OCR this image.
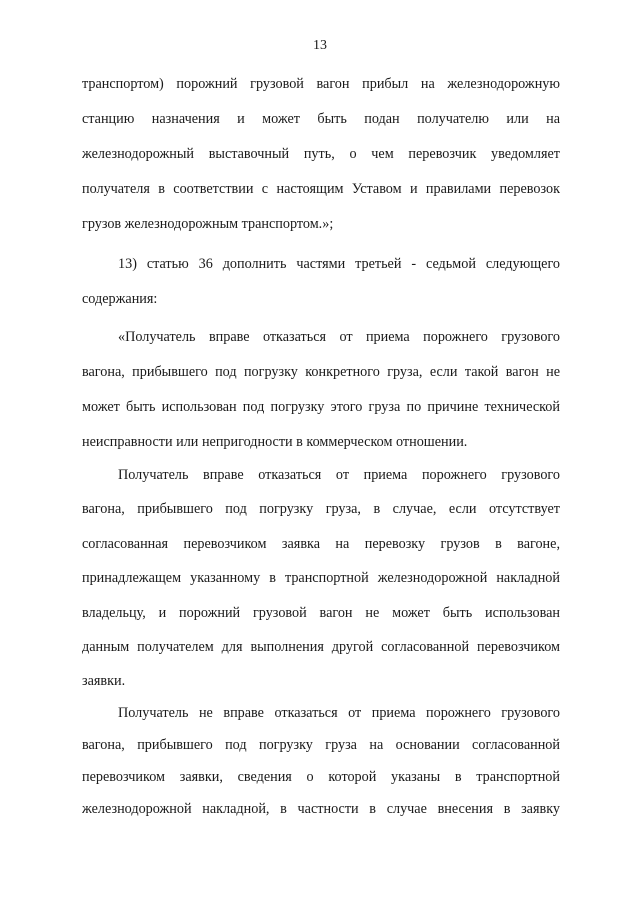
13
транспортом) порожний грузовой вагон прибыл на железнодорожную
станцию назначения и может быть подан получателю или на
железнодорожный выставочный путь, о чем перевозчик уведомляет
получателя в соответствии с настоящим Уставом и правилами перевозок
грузов железнодорожным транспортом.»;
13) статью 36 дополнить частями третьей - седьмой следующего
содержания:
«Получатель вправе отказаться от приема порожнего грузового
вагона, прибывшего под погрузку конкретного груза, если такой вагон не
может быть использован под погрузку этого груза по причине технической
неисправности или непригодности в коммерческом отношении.
Получатель вправе отказаться от приема порожнего грузового
вагона, прибывшего под погрузку груза, в случае, если отсутствует
согласованная перевозчиком заявка на перевозку грузов в вагоне,
принадлежащем указанному в транспортной железнодорожной накладной
владельцу, и порожний грузовой вагон не может быть использован
данным получателем для выполнения другой согласованной перевозчиком
заявки.
Получатель не вправе отказаться от приема порожнего грузового
вагона, прибывшего под погрузку груза на основании согласованной
перевозчиком заявки, сведения о которой указаны в транспортной
железнодорожной накладной, в частности в случае внесения в заявку
